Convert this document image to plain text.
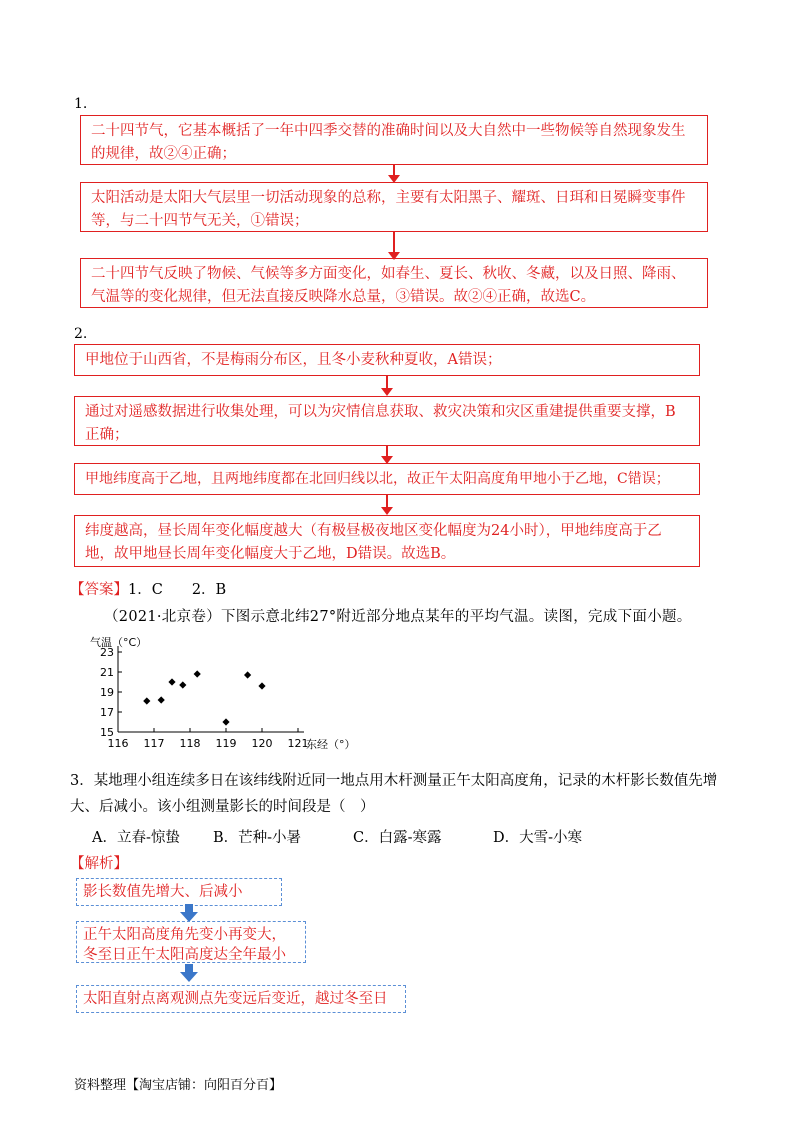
1.
二十四节气，它基本概括了一年中四季交替的准确时间以及大自然中一些物候等自然现象发生的规律，故②④正确；
太阳活动是太阳大气层里一切活动现象的总称，主要有太阳黑子、耀斑、日珥和日冕瞬变事件等，与二十四节气无关，①错误；
二十四节气反映了物候、气候等多方面变化，如春生、夏长、秋收、冬藏，以及日照、降雨、气温等的变化规律，但无法直接反映降水总量，③错误。故②④正确，故选C。
2.
甲地位于山西省，不是梅雨分布区，且冬小麦秋种夏收，A错误；
通过对遥感数据进行收集处理，可以为灾情信息获取、救灾决策和灾区重建提供重要支撑，B正确；
甲地纬度高于乙地，且两地纬度都在北回归线以北，故正午太阳高度角甲地小于乙地，C错误；
纬度越高，昼长周年变化幅度越大（有极昼极夜地区变化幅度为24小时），甲地纬度高于乙地，故甲地昼长周年变化幅度大于乙地，D错误。故选B。
【答案】1．C　　2．B
（2021·北京卷）下图示意北纬27°附近部分地点某年的平均气温。读图，完成下面小题。
气温（°C）
东经（°）
23
21
19
17
15
116 117 118 119 120 121
3．某地理小组连续多日在该纬线附近同一地点用木杆测量正午太阳高度角，记录的木杆影长数值先增大、后减小。该小组测量影长的时间段是（　）
A．立春-惊蛰 B．芒种-小暑	C．白露-寒露	D．大雪-小寒
【解析】
影长数值先增大、后减小
正午太阳高度角先变小再变大，冬至日正午太阳高度达全年最小
太阳直射点离观测点先变远后变近，越过冬至日
资料整理【淘宝店铺：向阳百分百】
